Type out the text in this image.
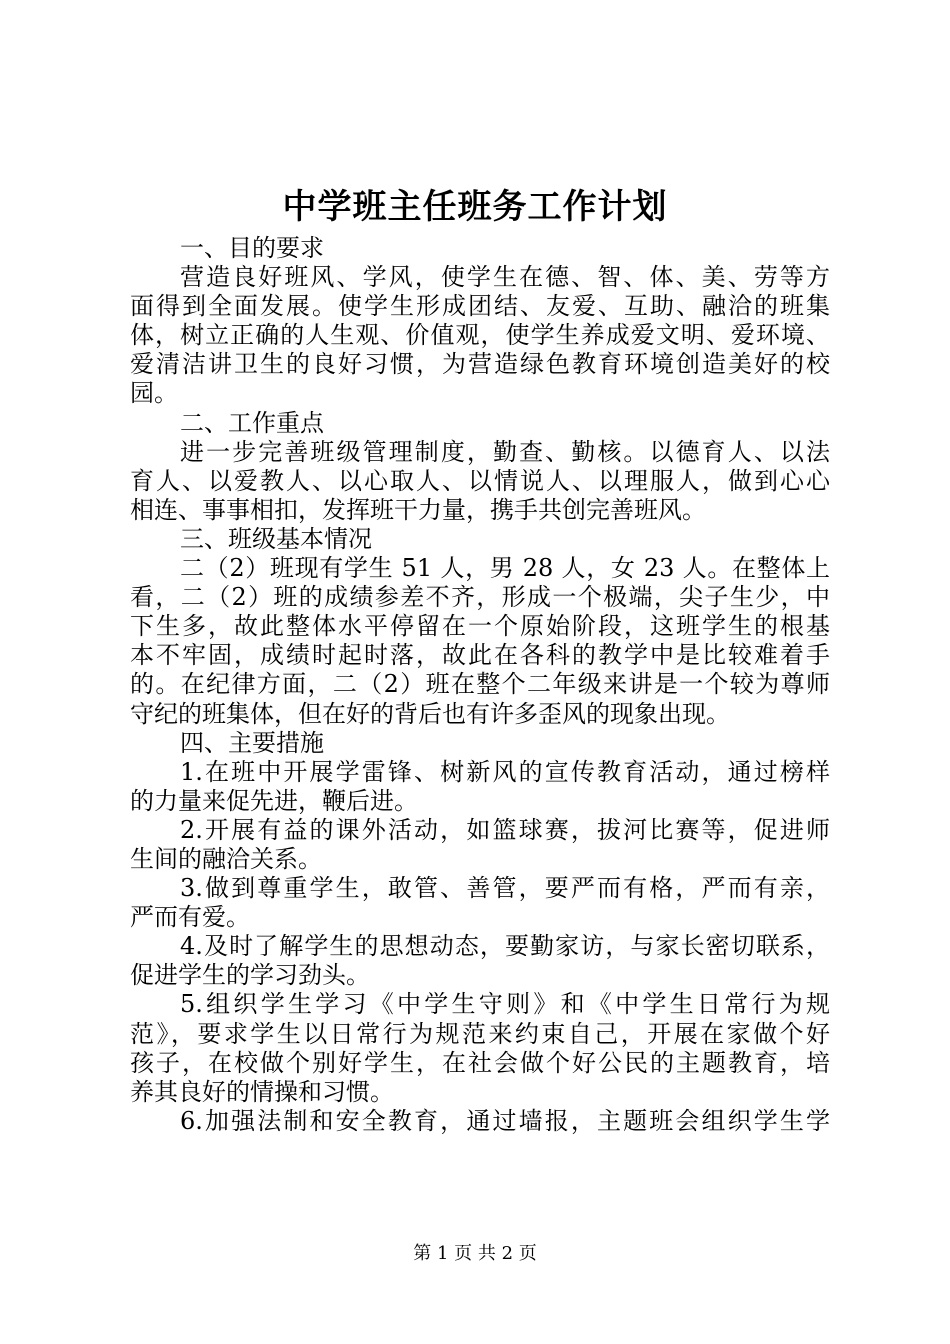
中学班主任班务工作计划
一、目的要求
营造良好班风、学风，使学生在德、智、体、美、劳等方
面得到全面发展。使学生形成团结、友爱、互助、融洽的班集
体，树立正确的人生观、价值观，使学生养成爱文明、爱环境、
爱清洁讲卫生的良好习惯，为营造绿色教育环境创造美好的校
园。
二、工作重点
进一步完善班级管理制度，勤查、勤核。以德育人、以法
育人、以爱教人、以心取人、以情说人、以理服人，做到心心
相连、事事相扣，发挥班干力量，携手共创完善班风。
三、班级基本情况
二（2）班现有学生 51 人，男 28 人，女 23 人。在整体上
看，二（2）班的成绩参差不齐，形成一个极端，尖子生少，中
下生多，故此整体水平停留在一个原始阶段，这班学生的根基
本不牢固，成绩时起时落，故此在各科的教学中是比较难着手
的。在纪律方面，二（2）班在整个二年级来讲是一个较为尊师
守纪的班集体，但在好的背后也有许多歪风的现象出现。
四、主要措施
1.在班中开展学雷锋、树新风的宣传教育活动，通过榜样
的力量来促先进，鞭后进。
2.开展有益的课外活动，如篮球赛，拔河比赛等，促进师
生间的融洽关系。
3.做到尊重学生，敢管、善管，要严而有格，严而有亲，
严而有爱。
4.及时了解学生的思想动态，要勤家访，与家长密切联系，
促进学生的学习劲头。
5.组织学生学习《中学生守则》和《中学生日常行为规
范》，要求学生以日常行为规范来约束自己，开展在家做个好
孩子，在校做个别好学生，在社会做个好公民的主题教育，培
养其良好的情操和习惯。
6.加强法制和安全教育，通过墙报，主题班会组织学生学
第 1 页 共 2 页
